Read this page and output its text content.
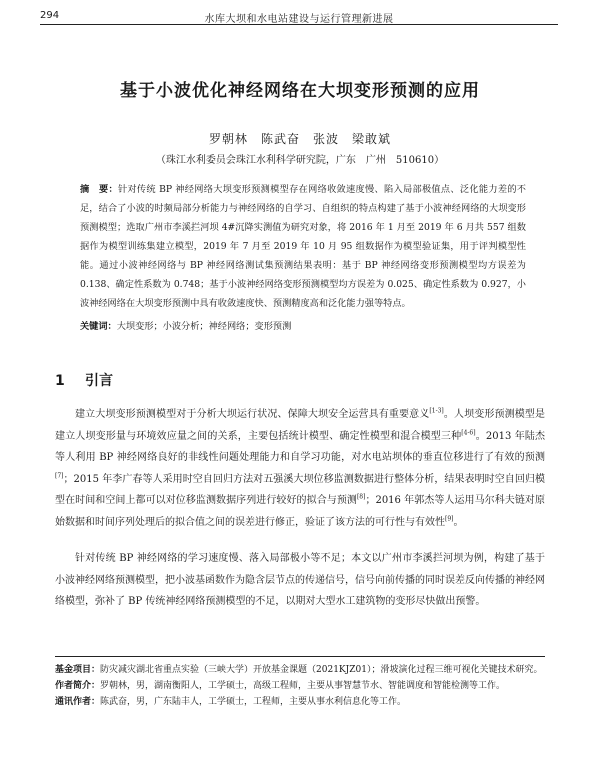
294	水库大坝和水电站建设与运行管理新进展
基于小波优化神经网络在大坝变形预测的应用
罗朝林　陈武奋　张波　梁敢斌
（珠江水利委员会珠江水利科学研究院，广东　广州　510610）

摘　要：针对传统 BP 神经网络大坝变形预测模型存在网络收敛速度慢、陷入局部极值点、泛化能力差的不足，结合了小波的时频局部分析能力与神经网络的自学习、自组织的特点构建了基于小波神经网络的大坝变形预测模型；选取广州市李溪拦河坝 4#沉降实测值为研究对象，将 2016 年 1 月至 2019 年 6 月共 557 组数据作为模型训练集建立模型，2019 年 7 月至 2019 年 10 月 95 组数据作为模型验证集，用于评判模型性能。通过小波神经网络与 BP 神经网络测试集预测结果表明：基于 BP 神经网络变形预测模型均方误差为 0.138、确定性系数为 0.748；基于小波神经网络变形预测模型均方误差为 0.025、确定性系数为 0.927，小波神经网络在大坝变形预测中具有收敛速度快、预测精度高和泛化能力强等特点。

关键词：大坝变形；小波分析；神经网络；变形预测

1 引言

建立大坝变形预测模型对于分析大坝运行状况、保障大坝安全运营具有重要意义[1-3]。人坝变形预测模型是建立人坝变形量与环境效应量之间的关系，主要包括统计模型、确定性模型和混合模型三种[4-6]。2013 年陆杰等人利用 BP 神经网络良好的非线性问题处理能力和自学习功能，对水电站坝体的垂直位移进行了有效的预测[7]；2015 年李广春等人采用时空自回归方法对五强溪大坝位移监测数据进行整体分析，结果表明时空自回归模型在时间和空间上都可以对位移监测数据序列进行较好的拟合与预测[8]；2016 年郭杰等人运用马尔科夫链对原始数据和时间序列处理后的拟合值之间的误差进行修正，验证了该方法的可行性与有效性[9]。

针对传统 BP 神经网络的学习速度慢、落入局部极小等不足；本文以广州市李溪拦河坝为例，构建了基于小波神经网络预测模型，把小波基函数作为隐含层节点的传递信号，信号向前传播的同时误差反向传播的神经网络模型，弥补了 BP 传统神经网络预测模型的不足，以期对大型水工建筑物的变形尽快做出预警。

基金项目： 防灾减灾湖北省重点实验（三峡大学）开放基金课题（2021KJZ01）；滑坡演化过程三维可视化关键技术研究。

作者简介： 罗朝林，男，湖南衡阳人，工学硕士，高级工程师，主要从事智慧节水、智能调度和智能检测等工作。

通讯作者： 陈武奋，男，广东陆丰人，工学硕士，工程师，主要从事水利信息化等工作。
